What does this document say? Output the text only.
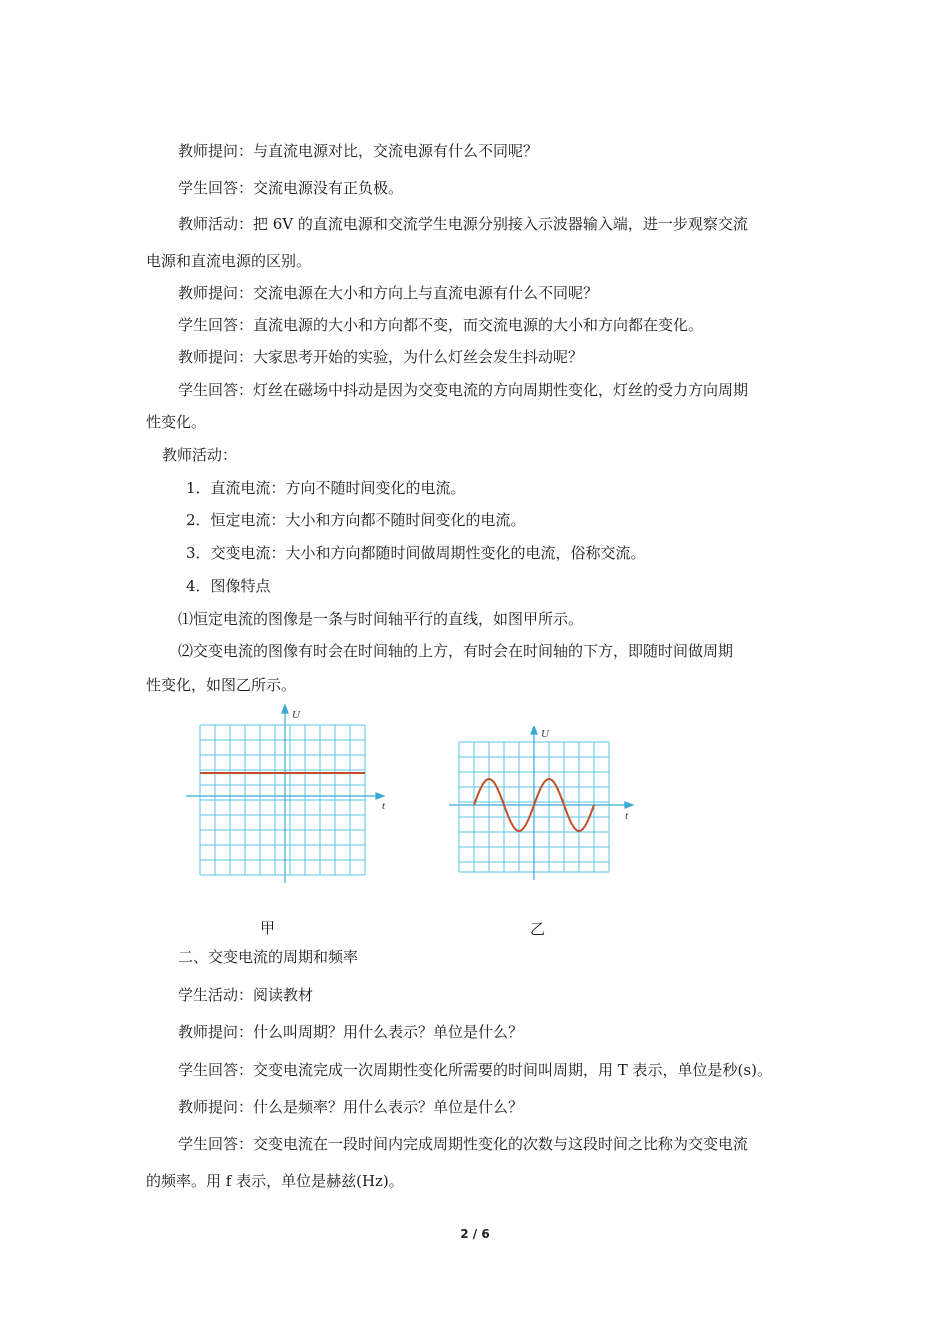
教师提问：与直流电源对比，交流电源有什么不同呢？
学生回答：交流电源没有正负极。
教师活动：把 6V 的直流电源和交流学生电源分别接入示波器输入端，进一步观察交流
电源和直流电源的区别。
教师提问：交流电源在大小和方向上与直流电源有什么不同呢？
学生回答：直流电源的大小和方向都不变，而交流电源的大小和方向都在变化。
教师提问：大家思考开始的实验，为什么灯丝会发生抖动呢？
学生回答：灯丝在磁场中抖动是因为交变电流的方向周期性变化，灯丝的受力方向周期
性变化。
教师活动：
1．直流电流：方向不随时间变化的电流。
2．恒定电流：大小和方向都不随时间变化的电流。
3．交变电流：大小和方向都随时间做周期性变化的电流，俗称交流。
4．图像特点
⑴恒定电流的图像是一条与时间轴平行的直线，如图甲所示。
⑵交变电流的图像有时会在时间轴的上方，有时会在时间轴的下方，即随时间做周期
性变化，如图乙所示。
U
t
甲
U
t
乙
二、交变电流的周期和频率
学生活动：阅读教材
教师提问：什么叫周期？用什么表示？单位是什么？
学生回答：交变电流完成一次周期性变化所需要的时间叫周期，用 T 表示，单位是秒(s)。
教师提问：什么是频率？用什么表示？单位是什么？
学生回答：交变电流在一段时间内完成周期性变化的次数与这段时间之比称为交变电流
的频率。用 f 表示，单位是赫兹(Hz)。
2 / 6
